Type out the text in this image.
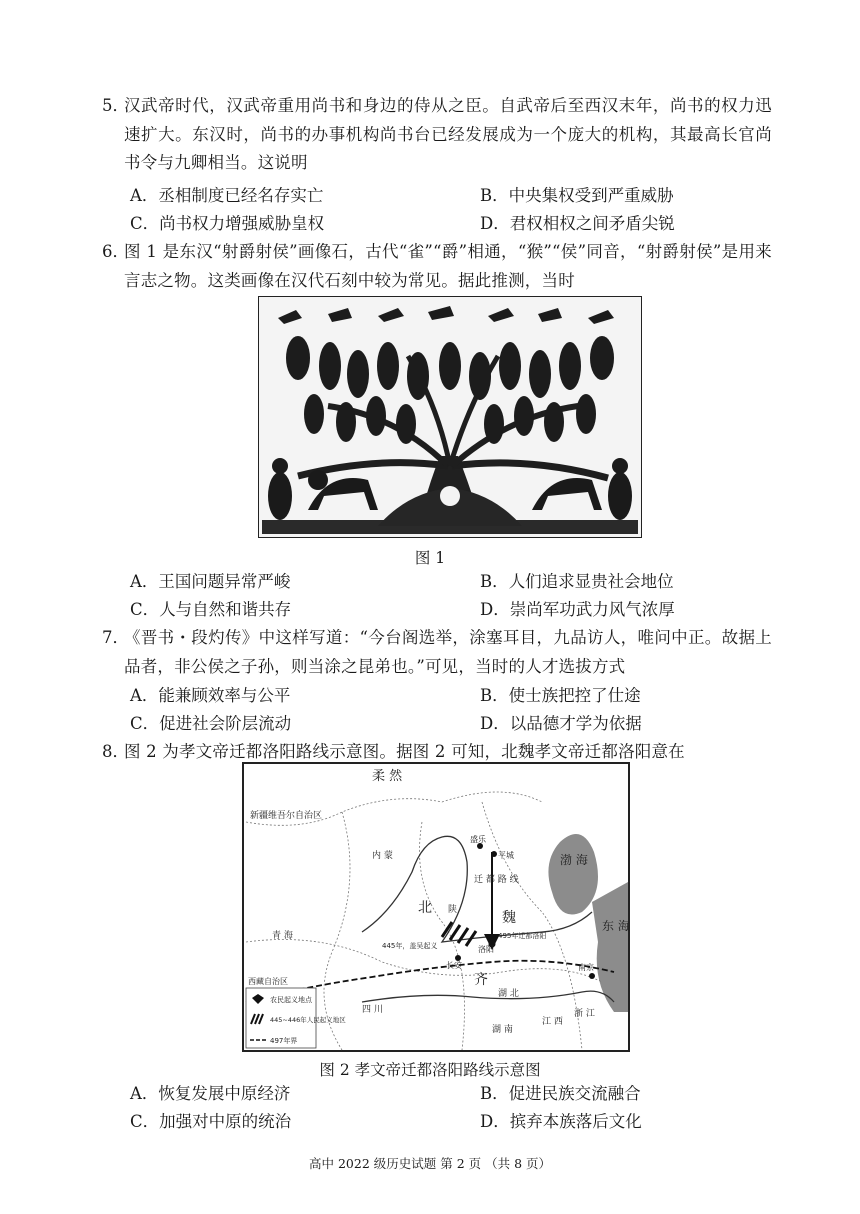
5．
汉武帝时代，汉武帝重用尚书和身边的侍从之臣。自武帝后至西汉末年，尚书的权力迅速扩大。东汉时，尚书的办事机构尚书台已经发展成为一个庞大的机构，其最高长官尚书令与九卿相当。这说明
A．丞相制度已经名存实亡	B．中央集权受到严重威胁
C．尚书权力增强威胁皇权	D．君权相权之间矛盾尖锐
6．
图 1 是东汉“射爵射侯”画像石，古代“雀”“爵”相通，“猴”“侯”同音，“射爵射侯”是用来言志之物。这类画像在汉代石刻中较为常见。据此推测，当时
图 1
A．王国问题异常严峻	B．人们追求显贵社会地位
C．人与自然和谐共存	D．崇尚军功武力风气浓厚
7．
《晋书・段灼传》中这样写道：“今台阁选举，涂塞耳目，九品访人，唯问中正。故据上品者，非公侯之子孙，则当涂之昆弟也。”可见，当时的人才选拔方式
A．能兼顾效率与公平	B．使士族把控了仕途
C．促进社会阶层流动	D．以品德才学为依据
8．
图 2 为孝文帝迁都洛阳路线示意图。据图 2 可知，北魏孝文帝迁都洛阳意在
柔 然
渤 海
东 海
北
魏
齐
迁 都 路 线
新疆维吾尔自治区
内 蒙
青 海
西藏自治区
四 川
陕
湖 北
湖 南
江 西
浙 江
盛乐
平城
洛阳
长安	南京
445年，盖吴起义
495年迁都洛阳
农民起义地点
445~446年人民起义地区
497年界
图 2 孝文帝迁都洛阳路线示意图
A．恢复发展中原经济	B．促进民族交流融合
C．加强对中原的统治	D．摈弃本族落后文化
高中 2022 级历史试题 第 2 页 （共 8 页）
